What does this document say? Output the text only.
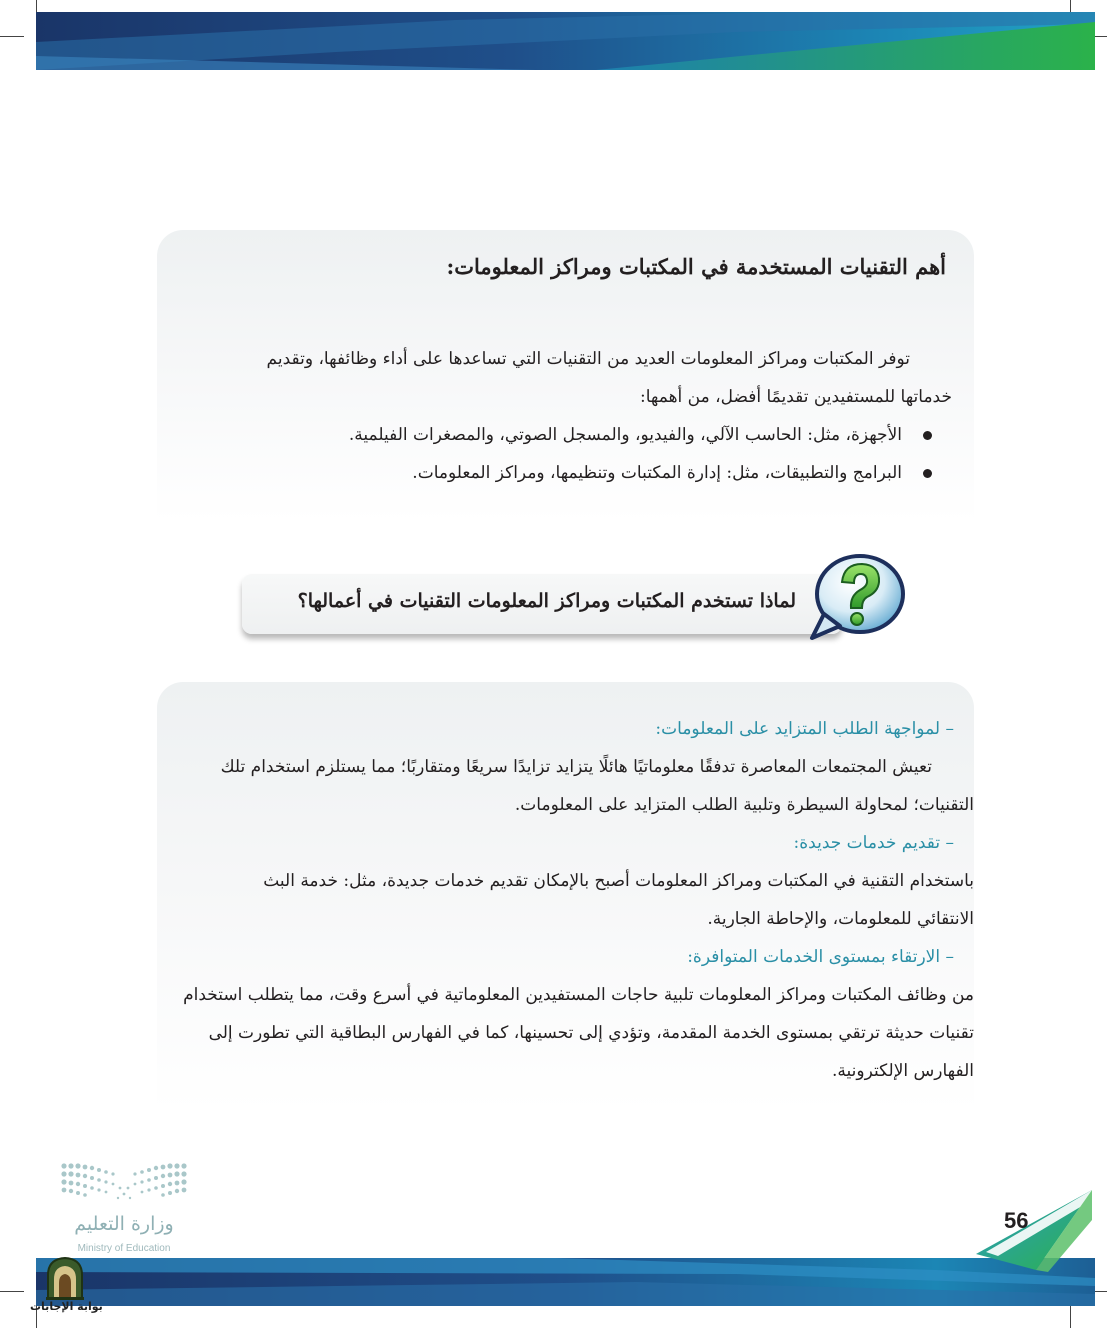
أهم التقنيات المستخدمة في المكتبات ومراكز المعلومات:

توفر المكتبات ومراكز المعلومات العديد من التقنيات التي تساعدها على أداء وظائفها، وتقديم

خدماتها للمستفيدين تقديمًا أفضل، من أهمها:

الأجهزة، مثل: الحاسب الآلي، والفيديو، والمسجل الصوتي، والمصغرات الفيلمية.
البرامج والتطبيقات، مثل: إدارة المكتبات وتنظيمها، ومراكز المعلومات.

لماذا تستخدم المكتبات ومراكز المعلومات التقنيات في أعمالها؟

– لمواجهة الطلب المتزايد على المعلومات:

تعيش المجتمعات المعاصرة تدفقًا معلوماتيًا هائلًا يتزايد تزايدًا سريعًا ومتقاربًا؛ مما يستلزم استخدام تلك
التقنيات؛ لمحاولة السيطرة وتلبية الطلب المتزايد على المعلومات.

– تقديم خدمات جديدة:

باستخدام التقنية في المكتبات ومراكز المعلومات أصبح بالإمكان تقديم خدمات جديدة، مثل: خدمة البث
الانتقائي للمعلومات، والإحاطة الجارية.

– الارتقاء بمستوى الخدمات المتوافرة:

من وظائف المكتبات ومراكز المعلومات تلبية حاجات المستفيدين المعلوماتية في أسرع وقت، مما يتطلب استخدام
تقنيات حديثة ترتقي بمستوى الخدمة المقدمة، وتؤدي إلى تحسينها، كما في الفهارس البطاقية التي تطورت إلى
الفهارس الإلكترونية.

وزارة التعليم

Ministry of Education

56

بوابة الإجابات
